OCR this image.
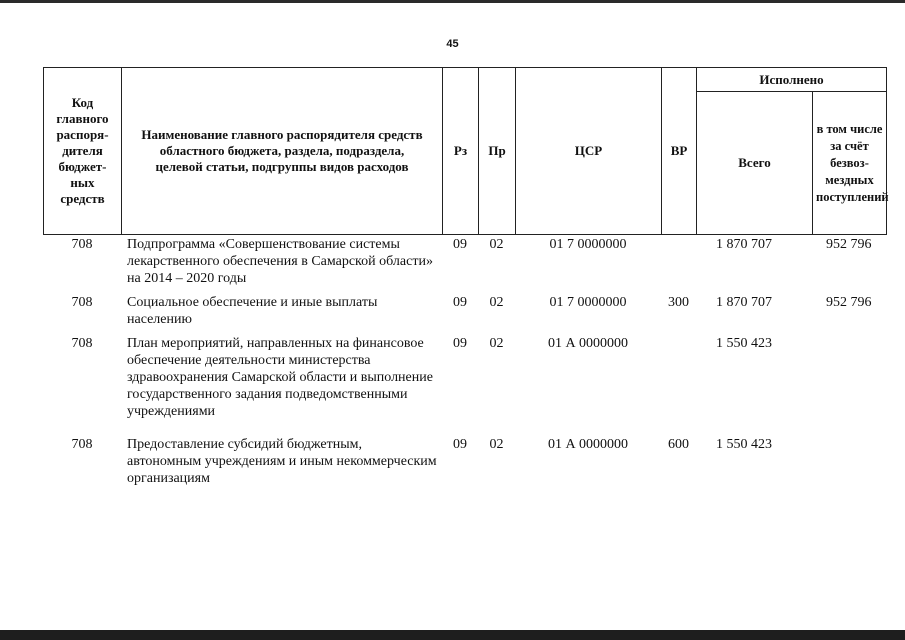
45
Код главного распоря-дителя бюджет-ных средств	Наименование главного распорядителя средств областного бюджета, раздела, подраздела, целевой статьи, подгруппы видов расходов	Рз	Пр	ЦСР	ВР	Исполнено	
						Всего	в том числе за счёт безвоз-мездных поступлений
708	Подпрограмма «Совершенствование системы лекарственного обеспечения в Самарской области» на 2014 – 2020 годы	09	02	01 7 0000000		1 870 707	952 796
708	Социальное обеспечение и иные выплаты населению	09	02	01 7 0000000	300	1 870 707	952 796
708	План мероприятий, направленных на финансовое обеспечение деятельности министерства здравоохранения Самарской области и выполнение государственного задания подведомственными учреждениями	09	02	01 А 0000000		1 550 423	
708	Предоставление субсидий бюджетным, автономным учреждениям и иным некоммерческим организациям	09	02	01 А 0000000	600	1 550 423	
